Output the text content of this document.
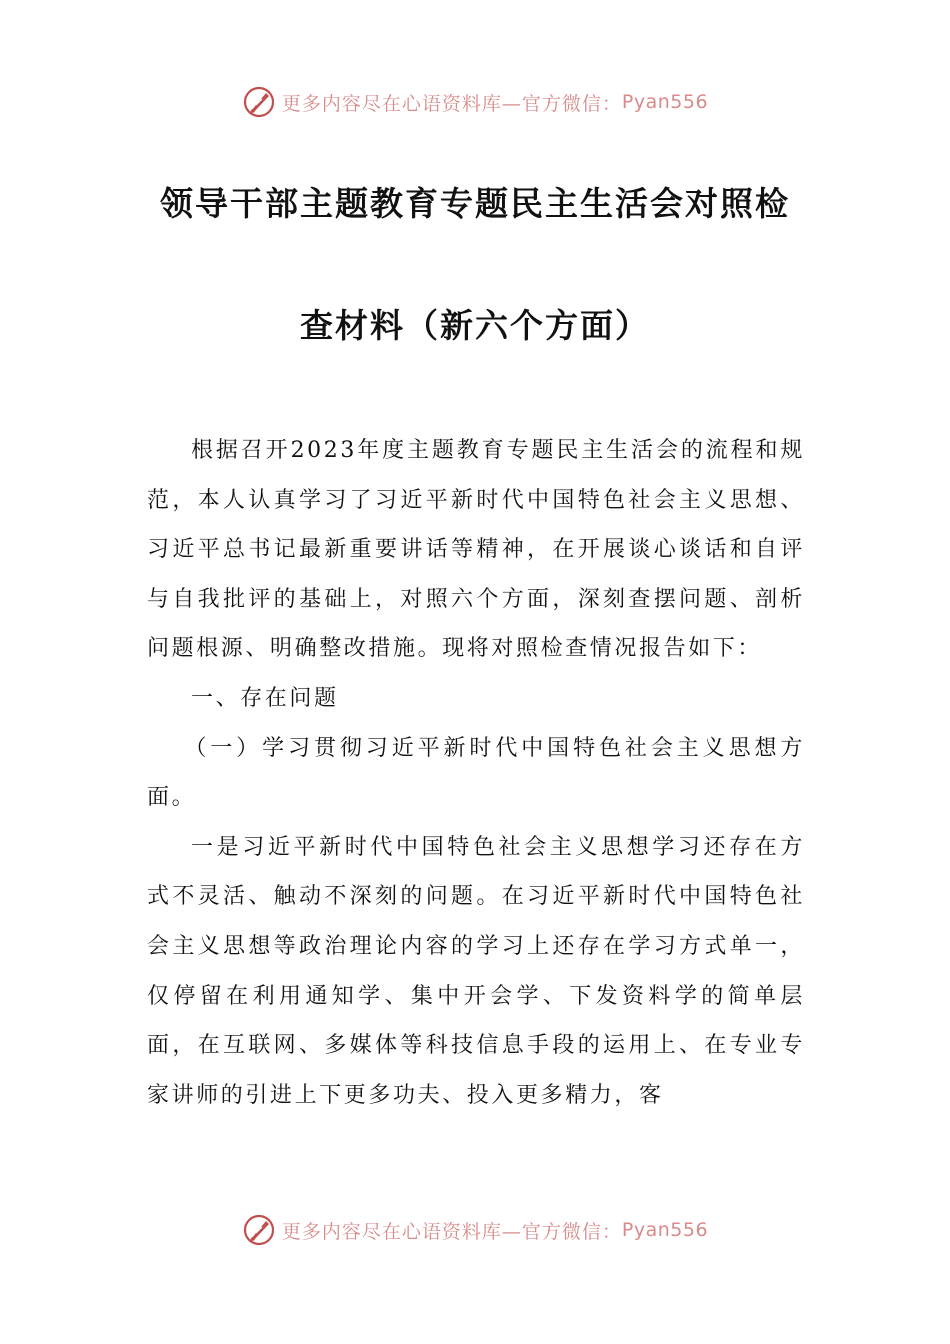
更多内容尽在心语资料库—官方微信： Pyan556
领导干部主题教育专题民主生活会对照检
查材料（新六个方面）

根据召开2023年度主题教育专题民主生活会的流程和规范，本人认真学习了习近平新时代中国特色社会主义思想、习近平总书记最新重要讲话等精神，在开展谈心谈话和自评与自我批评的基础上，对照六个方面，深刻查摆问题、剖析问题根源、明确整改措施。现将对照检查情况报告如下：

一、存在问题

（一）学习贯彻习近平新时代中国特色社会主义思想方面。

一是习近平新时代中国特色社会主义思想学习还存在方式不灵活、触动不深刻的问题。在习近平新时代中国特色社会主义思想等政治理论内容的学习上还存在学习方式单一，仅停留在利用通知学、集中开会学、下发资料学的简单层面，在互联网、多媒体等科技信息手段的运用上、在专业专家讲师的引进上下更多功夫、投入更多精力，客

更多内容尽在心语资料库—官方微信： Pyan556
